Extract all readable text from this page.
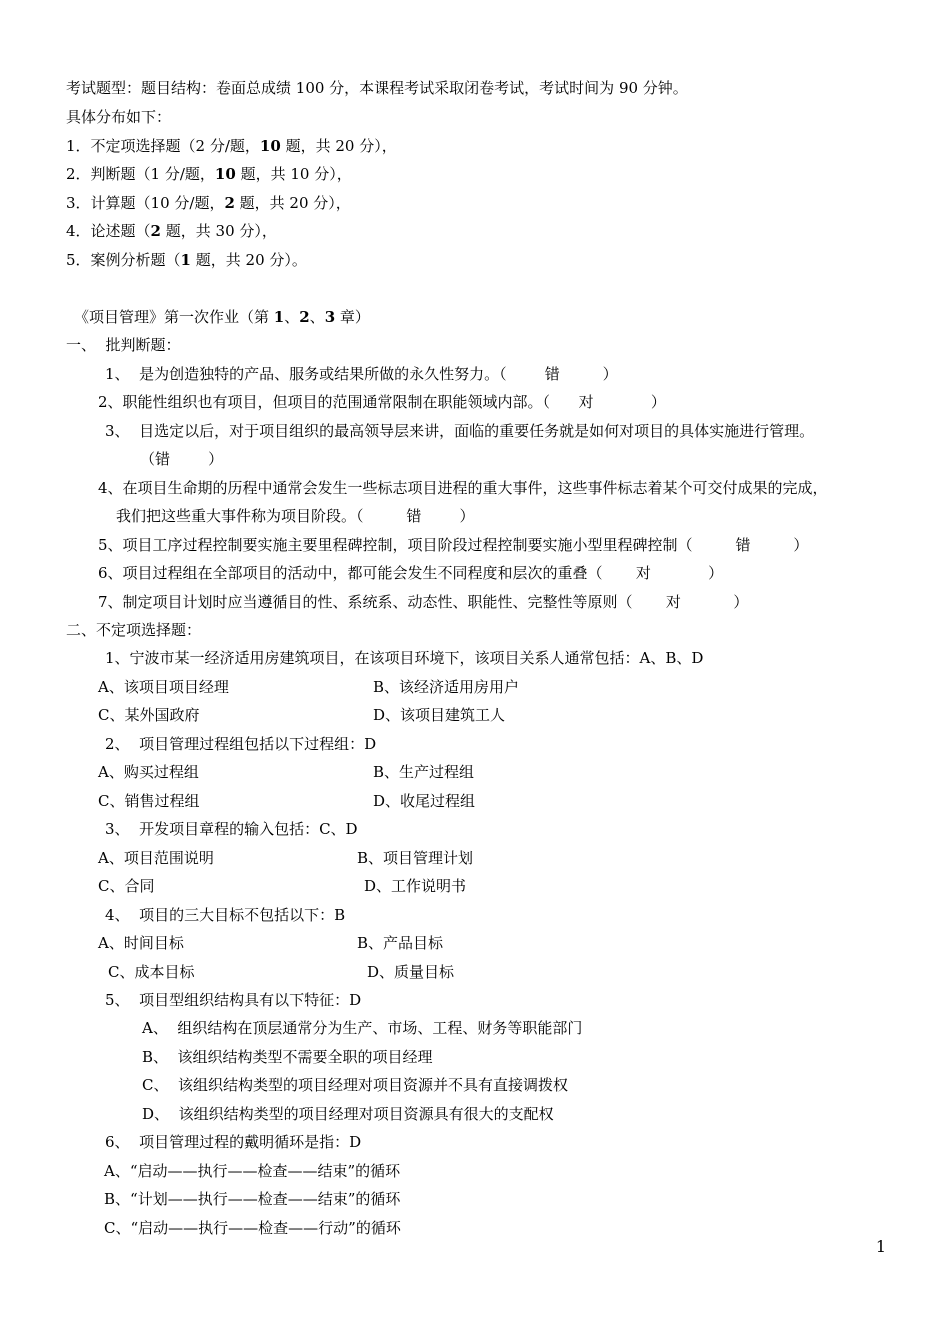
考试题型：题目结构：卷面总成绩 100 分，本课程考试采取闭卷考试，考试时间为 90 分钟。
具体分布如下：
1．不定项选择题（2 分/题，10 题，共 20 分），
2．判断题（1 分/题，10 题，共 10 分），
3．计算题（10 分/题，2 题，共 20 分），
4．论述题（2 题，共 30 分），
5．案例分析题（1 题，共 20 分）。
《项目管理》第一次作业（第 1、2、3 章）
一、  批判断题：
1、  是为创造独特的产品、服务或结果所做的永久性努力。（        错         ）
2、职能性组织也有项目，但项目的范围通常限制在职能领域内部。（      对            ）
3、  目选定以后，对于项目组织的最高领导层来讲，面临的重要任务就是如何对项目的具体实施进行管理。
（错        ）
4、在项目生命期的历程中通常会发生一些标志项目进程的重大事件，这些事件标志着某个可交付成果的完成，
我们把这些重大事件称为项目阶段。（         错        ）
5、项目工序过程控制要实施主要里程碑控制，项目阶段过程控制要实施小型里程碑控制（         错         ）
6、项目过程组在全部项目的活动中，都可能会发生不同程度和层次的重叠（       对            ）
7、制定项目计划时应当遵循目的性、系统系、动态性、职能性、完整性等原则（       对           ）
二、不定项选择题：
1、宁波市某一经济适用房建筑项目，在该项目环境下，该项目关系人通常包括：A、B、D
A、该项目项目经理	B、该经济适用房用户
C、某外国政府	D、该项目建筑工人
2、  项目管理过程组包括以下过程组：D
A、购买过程组	B、生产过程组
C、销售过程组	D、收尾过程组
3、  开发项目章程的输入包括：C、D
A、项目范围说明	B、项目管理计划
C、合同	D、工作说明书
4、  项目的三大目标不包括以下：B
A、时间目标	B、产品目标
C、成本目标	D、质量目标
5、  项目型组织结构具有以下特征：D
A、  组织结构在顶层通常分为生产、市场、工程、财务等职能部门
B、  该组织结构类型不需要全职的项目经理
C、  该组织结构类型的项目经理对项目资源并不具有直接调拨权
D、  该组织结构类型的项目经理对项目资源具有很大的支配权
6、  项目管理过程的戴明循环是指：D
A、“启动——执行——检查——结束”的循环
B、“计划——执行——检查——结束”的循环
C、“启动——执行——检查——行动”的循环
1
